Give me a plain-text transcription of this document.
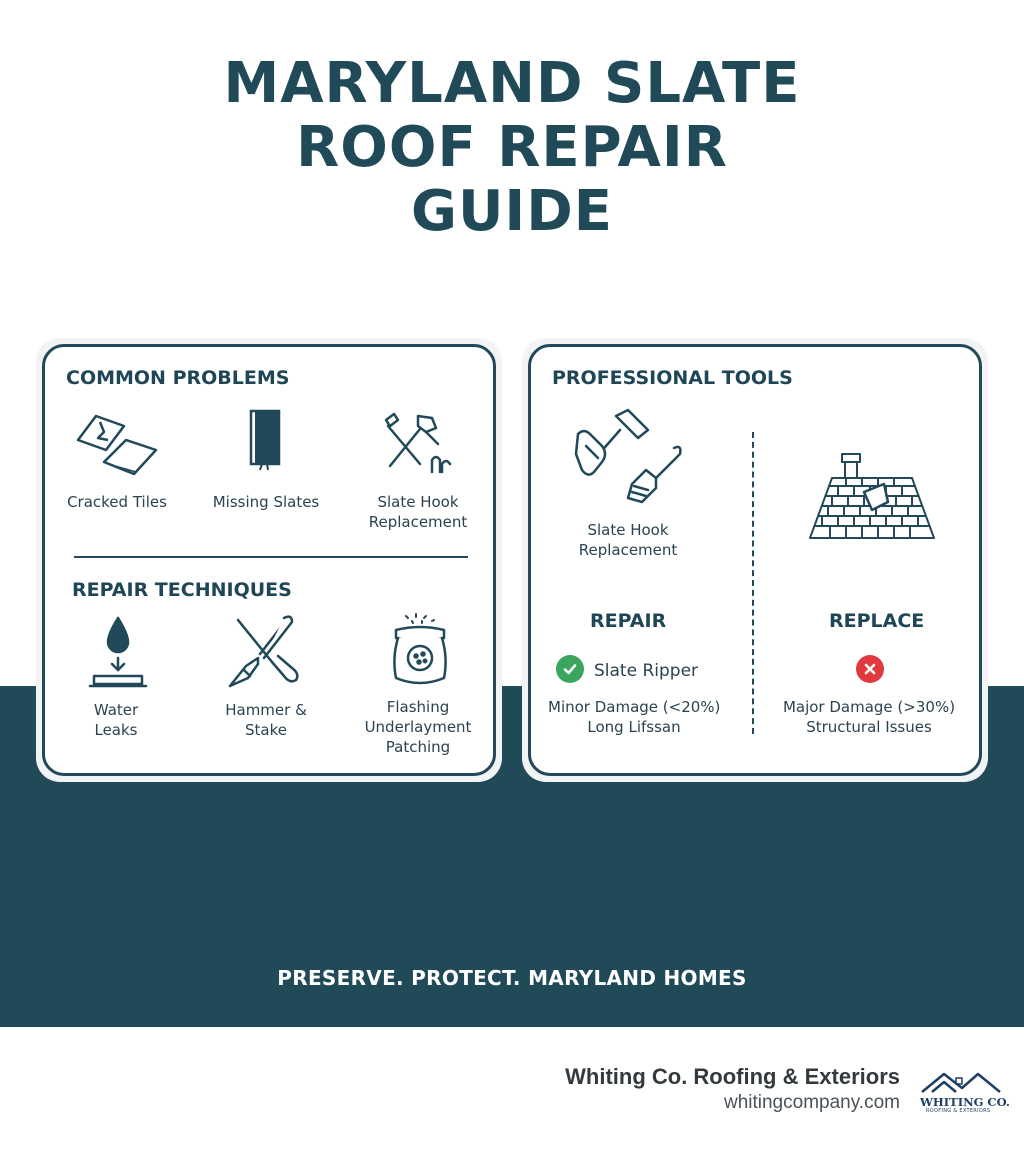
MARYLAND SLATE
ROOF REPAIR
GUIDE
COMMON PROBLEMS
Cracked Tiles	Missing Slates	Slate Hook
Replacement
REPAIR TECHNIQUES
Water
Leaks
Hammer &
Stake
Flashing
Underlayment
Patching
PROFESSIONAL TOOLS
Slate Hook
Replacement
REPAIR
Slate Ripper
Minor Damage (<20%)
Long Lifssan
REPLACE
Major Damage (>30%)
Structural Issues
PRESERVE. PROTECT. MARYLAND HOMES
Whiting Co. Roofing & Exteriors
whitingcompany.com WHITING CO.
ROOFING & EXTERIORS
